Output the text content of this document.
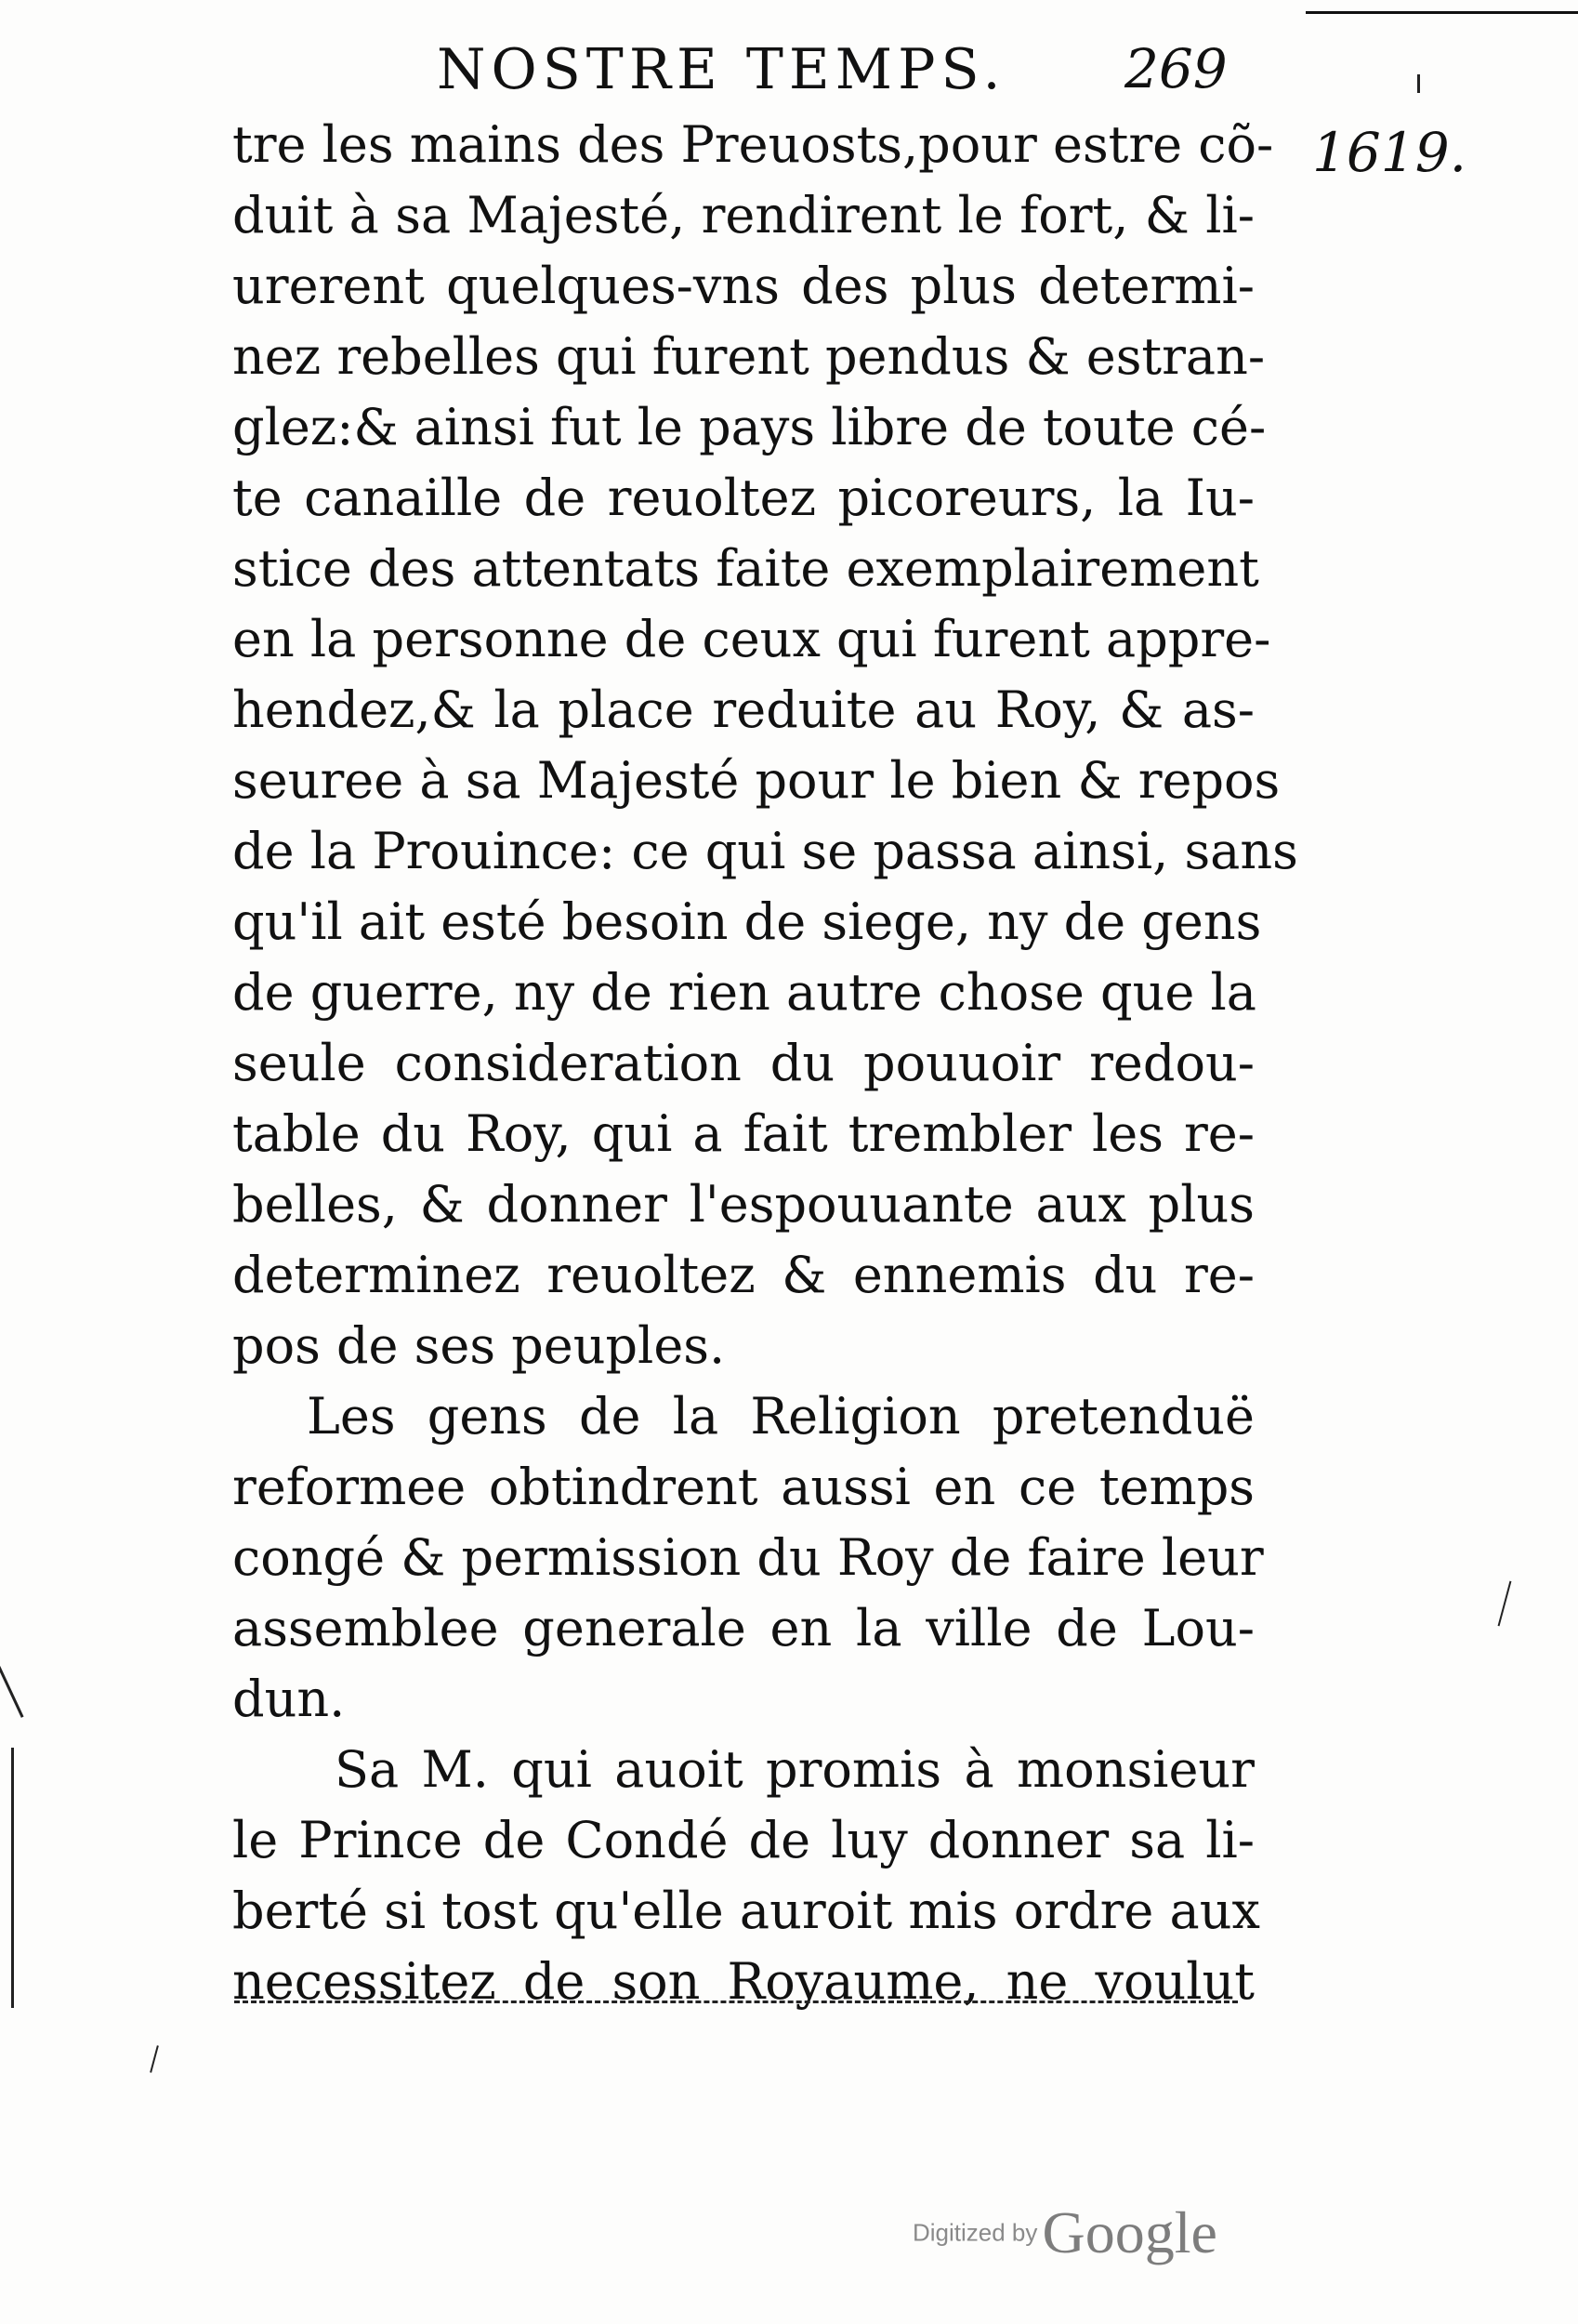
NOSTRE TEMPS. 269
1619.
tre les mains des Preuosts,pour estre cõ-
duit à sa Majesté, rendirent le fort, & li-
urerent quelques-vns des plus determi-
nez rebelles qui furent pendus & estran-
glez:& ainsi fut le pays libre de toute cé-
te canaille de reuoltez picoreurs, la Iu-
stice des attentats faite exemplairement
en la personne de ceux qui furent appre-
hendez,& la place reduite au Roy, & as-
seuree à sa Majesté pour le bien & repos
de la Prouince: ce qui se passa ainsi, sans
qu'il ait esté besoin de siege, ny de gens
de guerre, ny de rien autre chose que la
seule consideration du pouuoir redou-
table du Roy, qui a fait trembler les re-
belles, & donner l'espouuante aux plus
determinez reuoltez & ennemis du re-
pos de ses peuples.
Les gens de la Religion pretenduë
reformee obtindrent aussi en ce temps
congé & permission du Roy de faire leur
assemblee generale en la ville de Lou-
dun.
Sa M. qui auoit promis à monsieur
le Prince de Condé de luy donner sa li-
berté si tost qu'elle auroit mis ordre aux
necessitez de son Royaume, ne voulut
Digitized by Google
